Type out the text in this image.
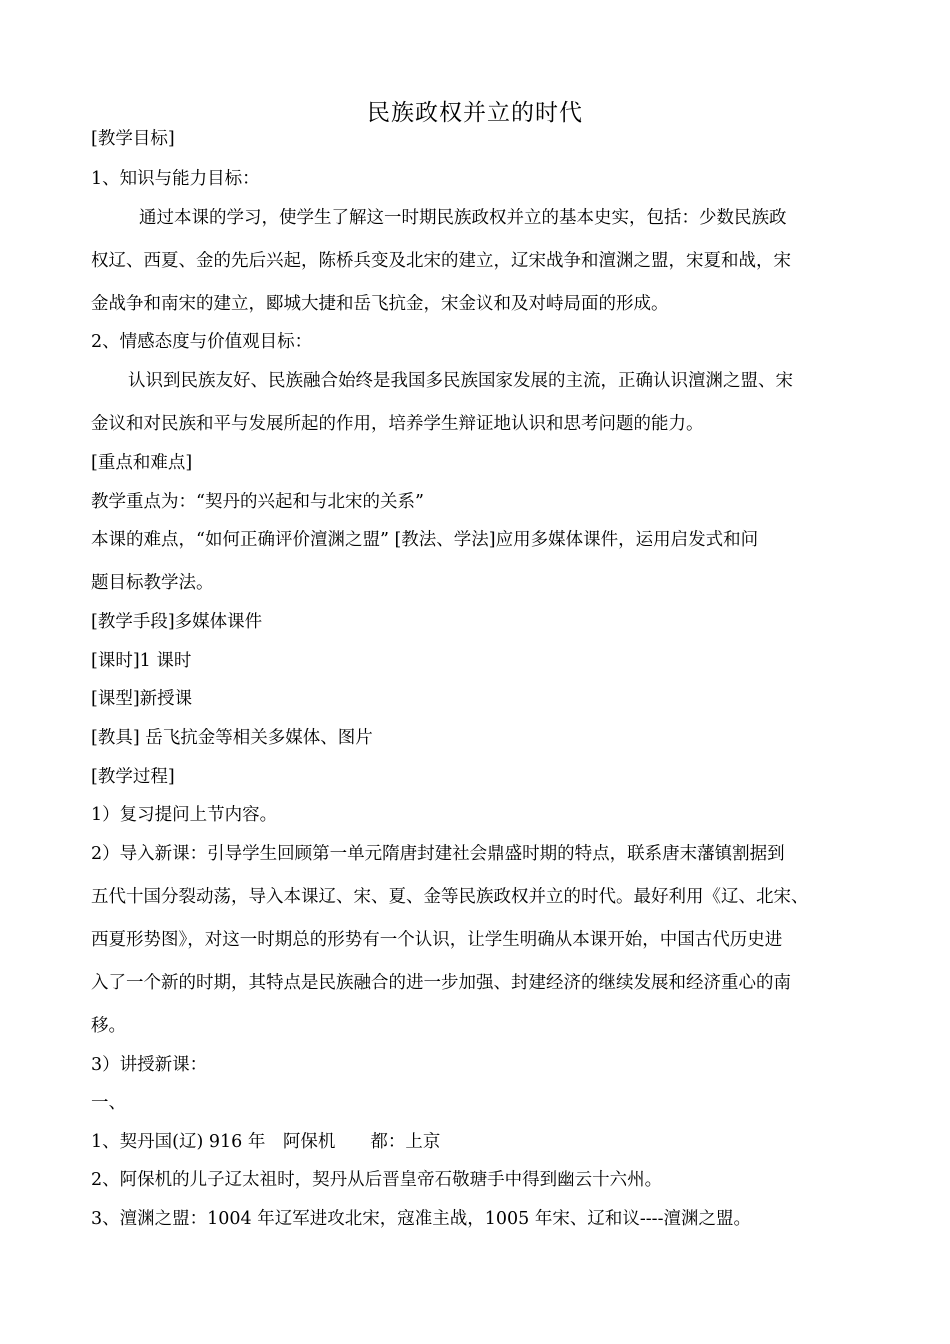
民族政权并立的时代
[教学目标]
1、知识与能力目标：
通过本课的学习，使学生了解这一时期民族政权并立的基本史实，包括：少数民族政
权辽、西夏、金的先后兴起，陈桥兵变及北宋的建立，辽宋战争和澶渊之盟，宋夏和战，宋
金战争和南宋的建立，郾城大捷和岳飞抗金，宋金议和及对峙局面的形成。
2、情感态度与价值观目标：
认识到民族友好、民族融合始终是我国多民族国家发展的主流，正确认识澶渊之盟、宋
金议和对民族和平与发展所起的作用，培养学生辩证地认识和思考问题的能力。
[重点和难点]
教学重点为：“契丹的兴起和与北宋的关系”
本课的难点，“如何正确评价澶渊之盟” [教法、学法]应用多媒体课件，运用启发式和问
题目标教学法。
[教学手段]多媒体课件
[课时]1 课时
[课型]新授课
[教具] 岳飞抗金等相关多媒体、图片
[教学过程]
1）复习提问上节内容。
2）导入新课：引导学生回顾第一单元隋唐封建社会鼎盛时期的特点，联系唐末藩镇割据到
五代十国分裂动荡，导入本课辽、宋、夏、金等民族政权并立的时代。最好利用《辽、北宋、
西夏形势图》，对这一时期总的形势有一个认识，让学生明确从本课开始，中国古代历史进
入了一个新的时期，其特点是民族融合的进一步加强、封建经济的继续发展和经济重心的南
移。
3）讲授新课：
一、
1、契丹国(辽) 916 年　阿保机　　都：上京
2、阿保机的儿子辽太祖时，契丹从后晋皇帝石敬瑭手中得到幽云十六州。
3、澶渊之盟：1004 年辽军进攻北宋，寇准主战，1005 年宋、辽和议----澶渊之盟。
